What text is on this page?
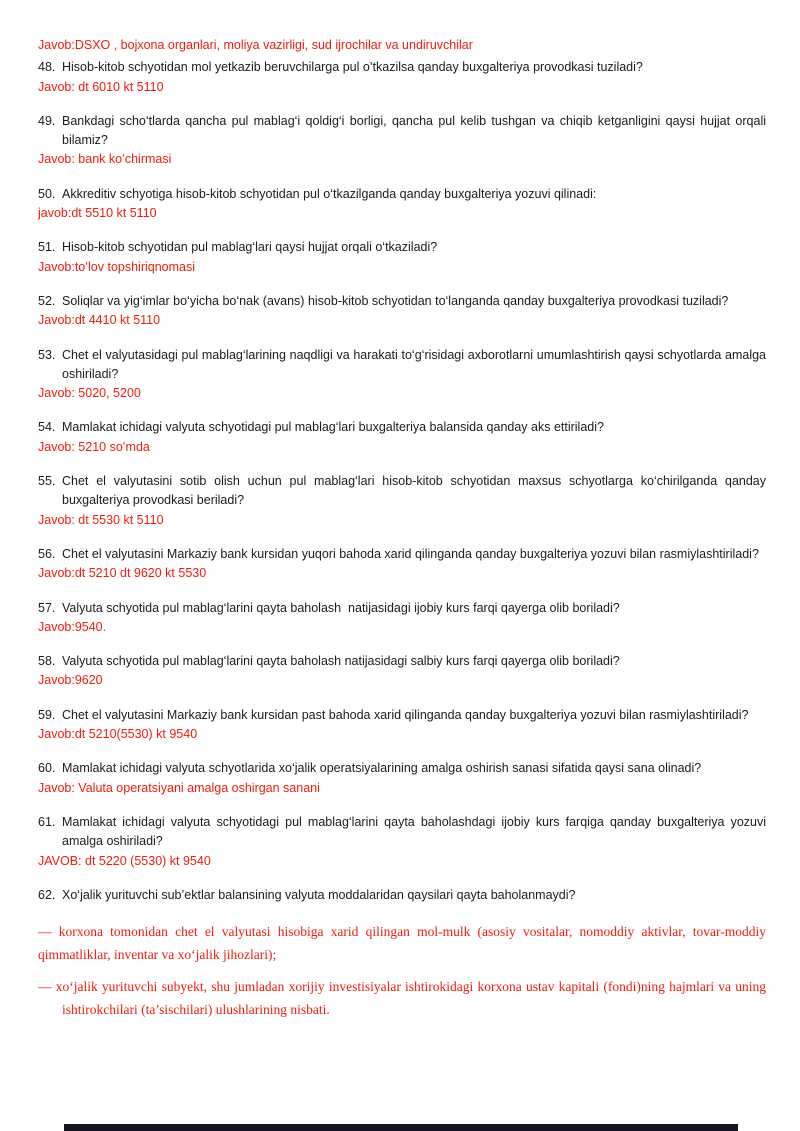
Javob:DSXO , bojxona organlari, moliya vazirligi, sud ijrochilar va undiruvchilar

48. Hisob-kitob schyotidan mol yetkazib beruvchilarga pul o’tkazilsa qanday buxgalteriya provodkasi tuziladi?

Javob: dt 6010 kt 5110

49. Bankdagi scho‘tlarda qancha pul mablag‘i qoldig‘i borligi, qancha pul kelib tushgan va chiqib ketganligini qaysi hujjat orqali bilamiz?

Javob: bank koʻchirmasi

50. Akkreditiv schyotiga hisob-kitob schyotidan pul o‘tkazilganda qanday buxgalteriya yozuvi qilinadi:

javob:dt 5510 kt 5110

51. Hisob-kitob schyotidan pul mablag‘lari qaysi hujjat orqali o‘tkaziladi?

Javob:toʻlov topshiriqnomasi

52. Soliqlar va yig‘imlar bo‘yicha bo‘nak (avans) hisob-kitob schyotidan to‘langanda qanday buxgalteriya provodkasi tuziladi?

Javob:dt 4410 kt 5110

53. Chet el valyutasidagi pul mablag‘larining naqdligi va harakati to‘g‘risidagi axborotlarni umumlashtirish qaysi schyotlarda amalga oshiriladi?

Javob: 5020, 5200

54. Mamlakat ichidagi valyuta schyotidagi pul mablag‘lari buxgalteriya balansida qanday aks ettiriladi?

Javob: 5210 soʻmda

55. Chet el valyutasini sotib olish uchun pul mablag‘lari hisob-kitob schyotidan maxsus schyotlarga ko‘chirilganda qanday buxgalteriya provodkasi beriladi?

Javob: dt 5530 kt 5110

56. Chet el valyutasini Markaziy bank kursidan yuqori bahoda xarid qilinganda qanday buxgalteriya yozuvi bilan rasmiylashtiriladi?

Javob:dt 5210 dt 9620 kt 5530

57. Valyuta schyotida pul mablag‘larini qayta baholash  natijasidagi ijobiy kurs farqi qayerga olib boriladi?

Javob:9540.

58. Valyuta schyotida pul mablag‘larini qayta baholash natijasidagi salbiy kurs farqi qayerga olib boriladi?

Javob:9620

59. Chet el valyutasini Markaziy bank kursidan past bahoda xarid qilinganda qanday buxgalteriya yozuvi bilan rasmiylashtiriladi?

Javob:dt 5210(5530) kt 9540

60. Mamlakat ichidagi valyuta schyotlarida xo‘jalik operatsiyalarining amalga oshirish sanasi sifatida qaysi sana olinadi?

Javob: Valuta operatsiyani amalga oshirgan sanani

61. Mamlakat ichidagi valyuta schyotidagi pul mablag‘larini qayta baholashdagi ijobiy kurs farqiga qanday buxgalteriya yozuvi amalga oshiriladi?

JAVOB: dt 5220 (5530) kt 9540

62. Xo‘jalik yurituvchi sub’ektlar balansining valyuta moddalaridan qaysilari qayta baholanmaydi?

— korxona tomonidan chet el valyutasi hisobiga xarid qilingan mol-mulk (asosiy vositalar, nomoddiy aktivlar, tovar-moddiy qimmatliklar, inventar va xo‘jalik jihozlari);

— xo‘jalik yurituvchi subyekt, shu jumladan xorijiy investisiyalar ishtirokidagi korxona ustav kapitali (fondi)ning hajmlari va uning ishtirokchilari (ta’sischilari) ulushlarining nisbati.
